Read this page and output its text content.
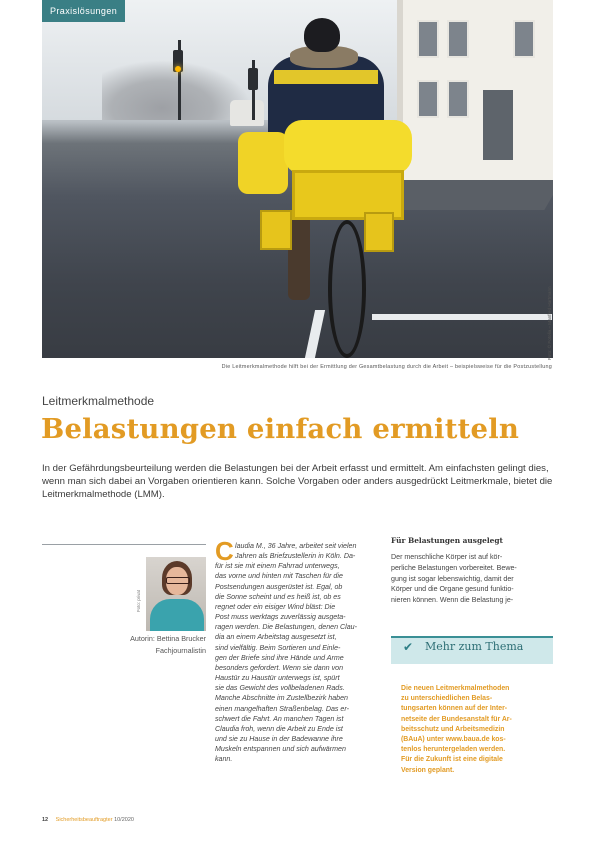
Praxislösungen
Foto: © Fotolia – Manfred Hartmann
Die Leitmerkmalmethode hilft bei der Ermittlung der Gesamtbelastung durch die Arbeit – beispielsweise für die Postzustellung
Leitmerkmalmethode
Belastungen einfach ermitteln
In der Gefährdungsbeurteilung werden die Belastungen bei der Arbeit erfasst und ermittelt. Am einfachsten gelingt dies, wenn man sich dabei an Vorgaben orientieren kann. Solche Vorgaben oder anders ausgedrückt Leitmerkmale, bietet die Leitmerkmalmethode (LMM).
Foto: privat
Autorin: Bettina Brucker
Fachjournalistin
C laudia M., 36 Jahre, arbeitet seit vielen
Jahren als Briefzustellerin in Köln. Da-
für ist sie mit einem Fahrrad unterwegs,
das vorne und hinten mit Taschen für die
Postsendungen ausgerüstet ist. Egal, ob
die Sonne scheint und es heiß ist, ob es
regnet oder ein eisiger Wind bläst: Die
Post muss werktags zuverlässig ausgeta-
ragen werden. Die Belastungen, denen Clau-
dia an einem Arbeitstag ausgesetzt ist,
sind vielfältig. Beim Sortieren und Einle-
gen der Briefe sind ihre Hände und Arme
besonders gefordert. Wenn sie dann von
Haustür zu Haustür unterwegs ist, spürt
sie das Gewicht des vollbeladenen Rads.
Manche Abschnitte im Zustellbezirk haben
einen mangelhaften Straßenbelag. Das er-
schwert die Fahrt. An manchen Tagen ist
Claudia froh, wenn die Arbeit zu Ende ist
und sie zu Hause in der Badewanne ihre
Muskeln entspannen und sich aufwärmen
kann.
Für Belastungen ausgelegt
Der menschliche Körper ist auf kör-
perliche Belastungen vorbereitet. Bewe-
gung ist sogar lebenswichtig, damit der
Körper und die Organe gesund funktio-
nieren können. Wenn die Belastung je-
✔ Mehr zum Thema
Die neuen Leitmerkmalmethoden
zu unterschiedlichen Belas-
tungsarten können auf der Inter-
netseite der Bundesanstalt für Ar-
beitsschutz und Arbeitsmedizin
(BAuA) unter www.baua.de kos-
tenlos heruntergeladen werden.
Für die Zukunft ist eine digitale
Version geplant.
12 Sicherheitsbeauftragter 10/2020
